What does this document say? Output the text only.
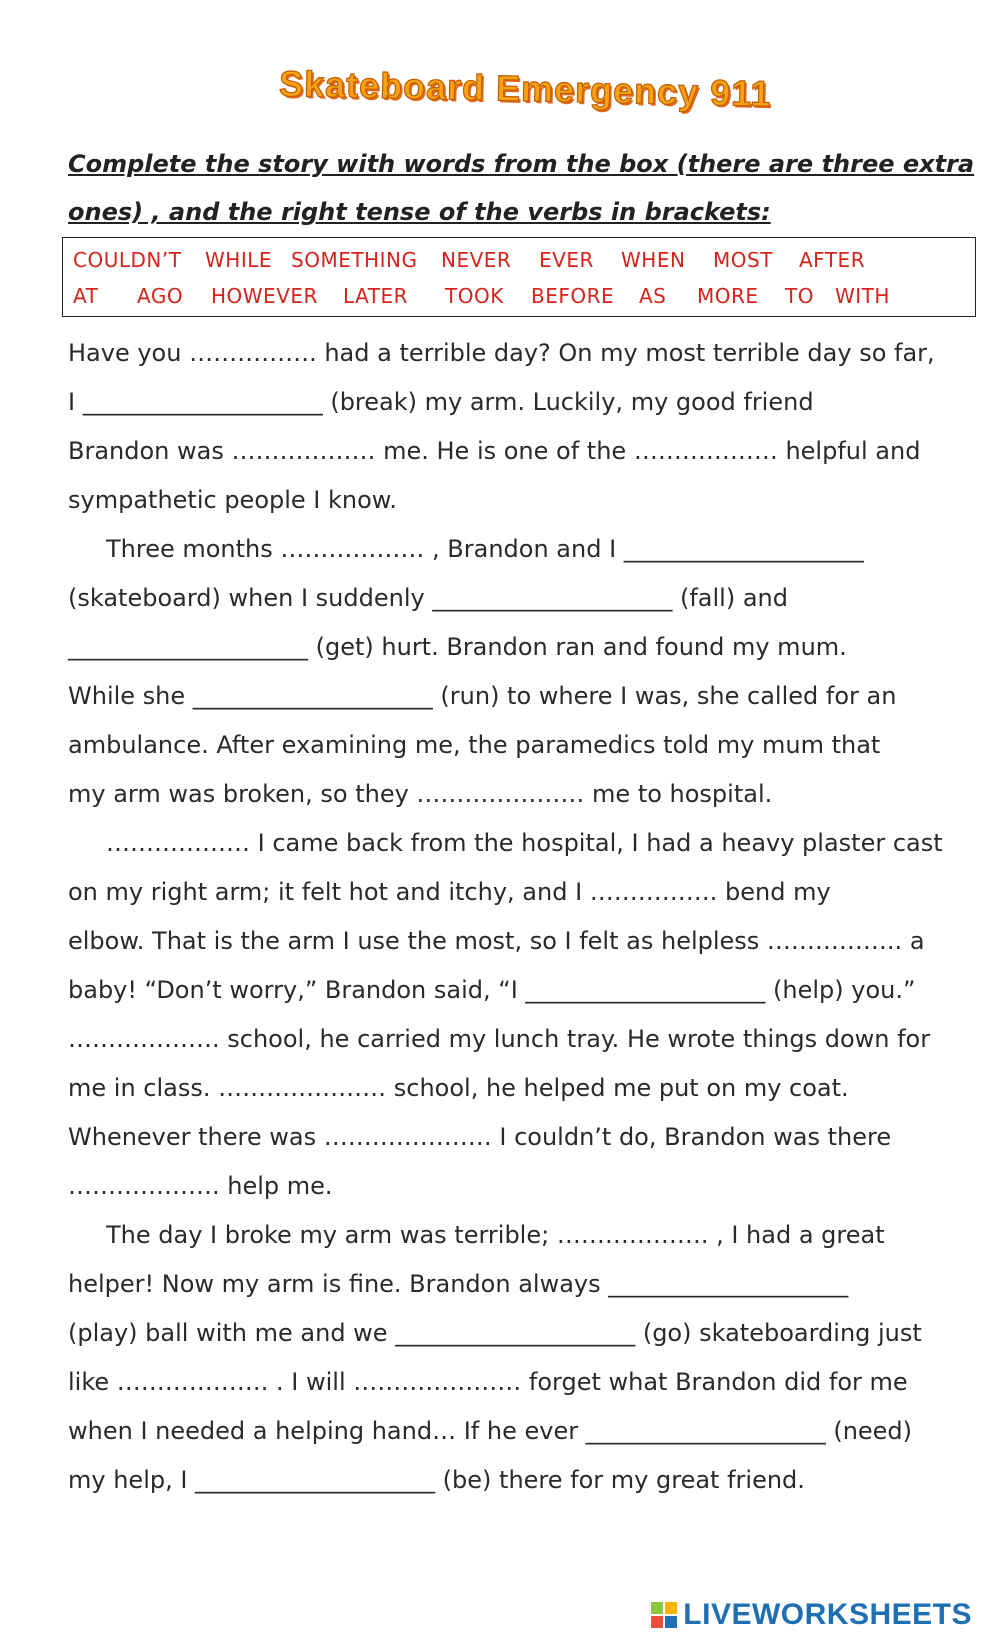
Skateboard Emergency 911
Complete the story with words from the box (there are three extra
ones) , and the right tense of the verbs in brackets:
COULDN’T WHILE SOMETHING NEVER EVER WHEN MOST AFTER
AT AGO HOWEVER LATER TOOK BEFORE AS MORE TO WITH
Have you ……………. had a terrible day? On my most terrible day so far,
I ____________________ (break) my arm. Luckily, my good friend
Brandon was ……………… me. He is one of the ……………… helpful and
sympathetic people I know.
Three months ……………… , Brandon and I ____________________
(skateboard) when I suddenly ____________________ (fall) and
____________________ (get) hurt. Brandon ran and found my mum.
While she ____________________ (run) to where I was, she called for an
ambulance. After examining me, the paramedics told my mum that
my arm was broken, so they ………………… me to hospital.
……………… I came back from the hospital, I had a heavy plaster cast
on my right arm; it felt hot and itchy, and I ……………. bend my
elbow. That is the arm I use the most, so I felt as helpless …………….. a
baby! “Don’t worry,” Brandon said, “I ____________________ (help) you.”
………………. school, he carried my lunch tray. He wrote things down for
me in class. ………………… school, he helped me put on my coat.
Whenever there was ………………… I couldn’t do, Brandon was there
………………. help me.
The day I broke my arm was terrible; ………………. , I had a great
helper! Now my arm is fine. Brandon always ____________________
(play) ball with me and we ____________________ (go) skateboarding just
like ………………. . I will ………………… forget what Brandon did for me
when I needed a helping hand… If he ever ____________________ (need)
my help, I ____________________ (be) there for my great friend.
LIVEWORKSHEETS
